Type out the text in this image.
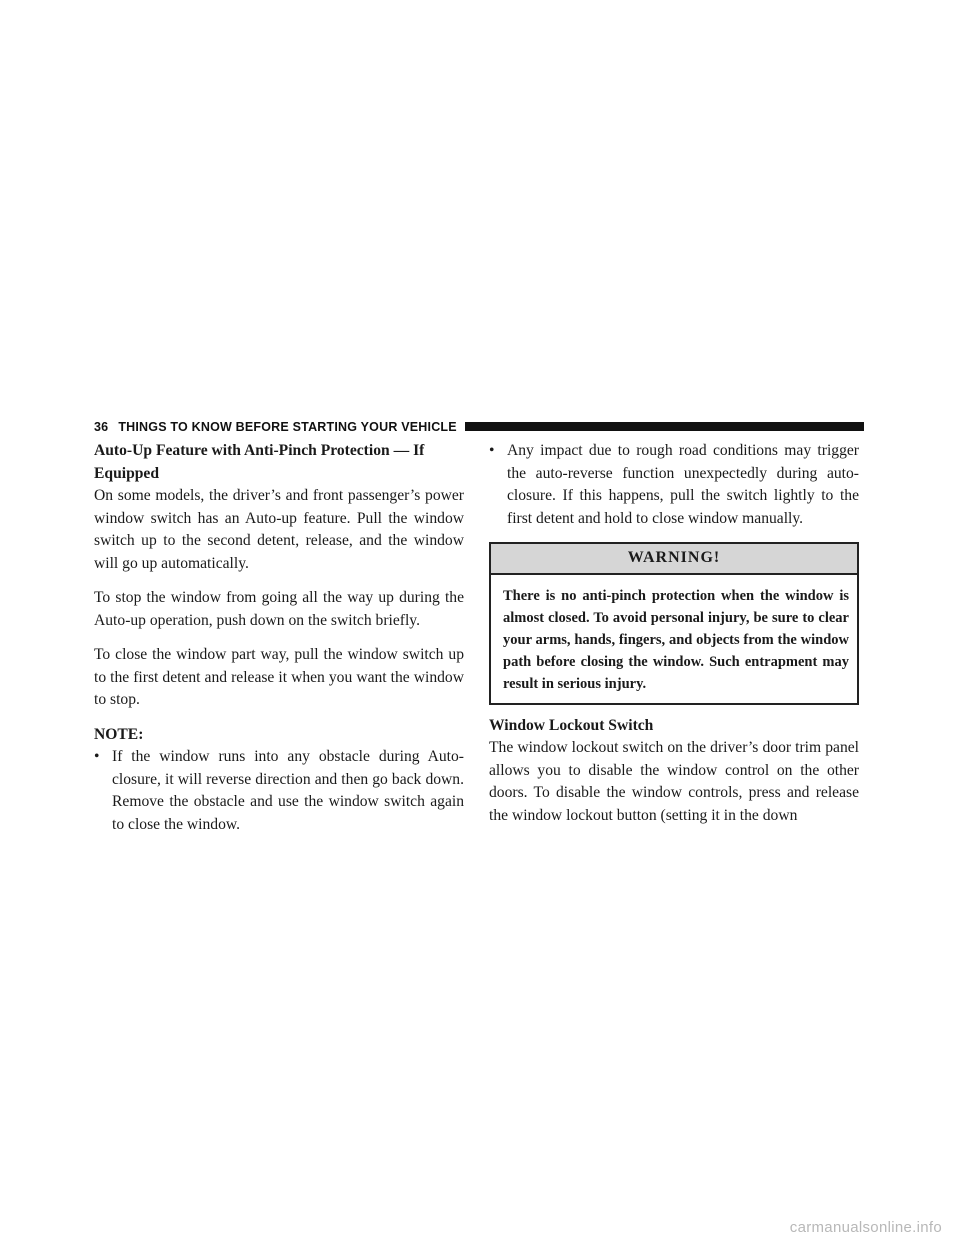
36 THINGS TO KNOW BEFORE STARTING YOUR VEHICLE
Auto-Up Feature with Anti-Pinch Protection — If Equipped

On some models, the driver’s and front passenger’s power window switch has an Auto-up feature. Pull the window switch up to the second detent, release, and the window will go up automatically.

To stop the window from going all the way up during the Auto-up operation, push down on the switch briefly.

To close the window part way, pull the window switch up to the first detent and release it when you want the window to stop.

NOTE:
• If the window runs into any obstacle during Auto-closure, it will reverse direction and then go back down. Remove the obstacle and use the window switch again to close the window.
• Any impact due to rough road conditions may trigger the auto-reverse function unexpectedly during auto-closure. If this happens, pull the switch lightly to the first detent and hold to close window manually.
WARNING!
There is no anti-pinch protection when the window is almost closed. To avoid personal injury, be sure to clear your arms, hands, fingers, and objects from the window path before closing the window. Such entrapment may result in serious injury.
Window Lockout Switch

The window lockout switch on the driver’s door trim panel allows you to disable the window control on the other doors. To disable the window controls, press and release the window lockout button (setting it in the down

carmanualsonline.info
